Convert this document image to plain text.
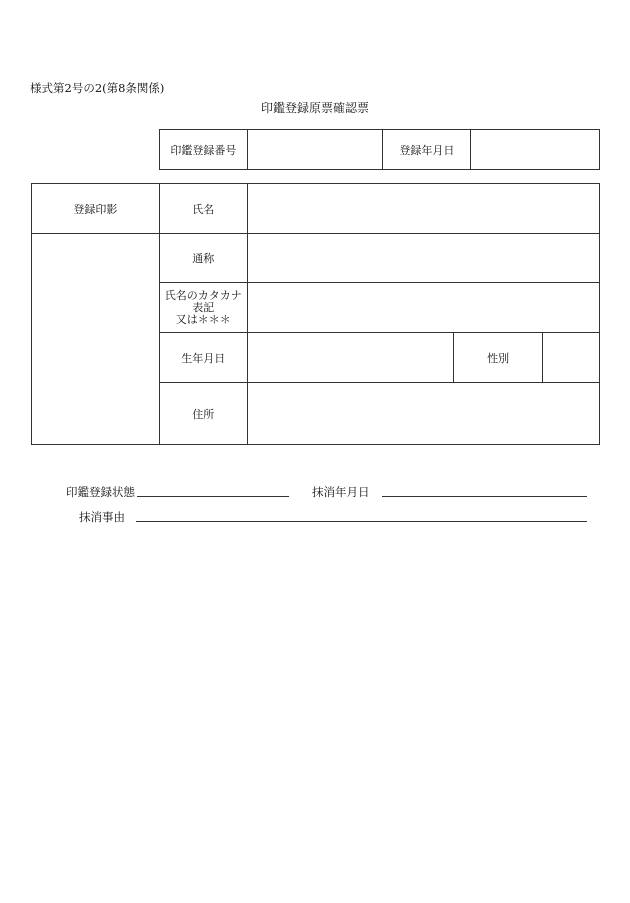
様式第2号の2(第8条関係)
印鑑登録原票確認票
印鑑登録番号		登録年月日	
登録印影	氏名			
	通称			

	氏名のカタカナ表記
又は＊＊＊			

	生年月日		性別	
	住所			
印鑑登録状態	抹消年月日
抹消事由
